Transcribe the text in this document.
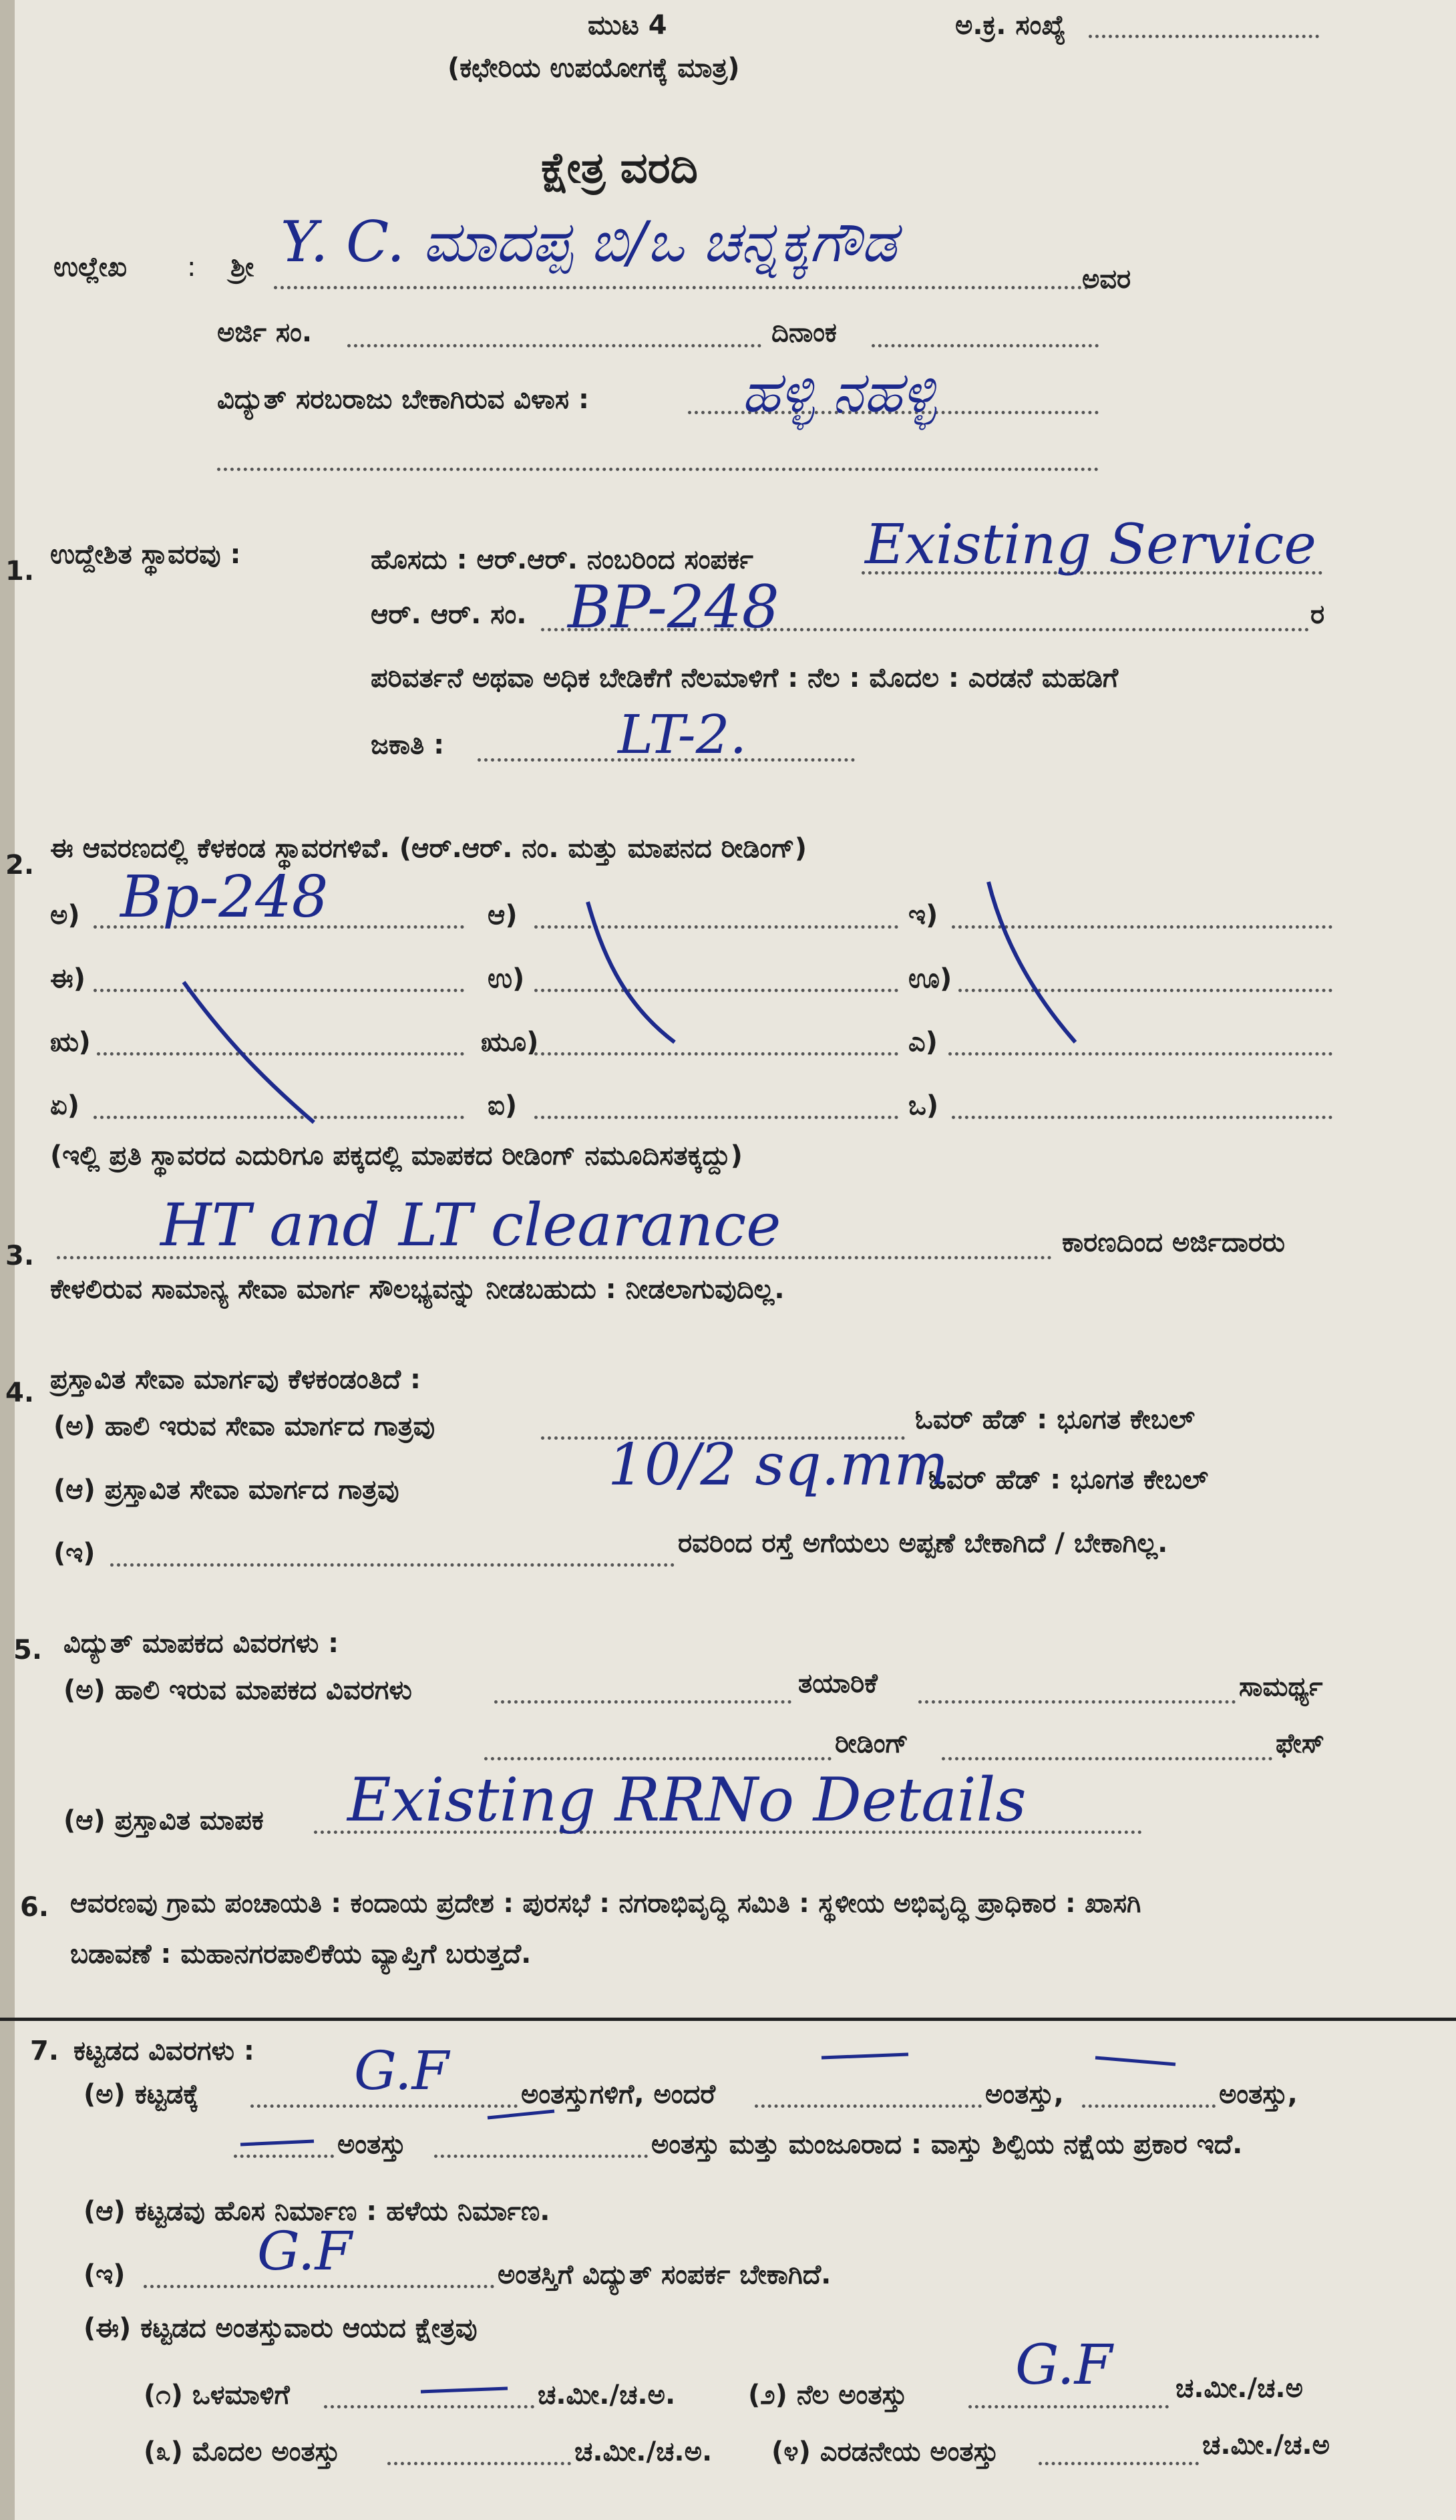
ಮುಟ 4	ಅ.ಕ್ರ. ಸಂಖ್ಯೆ
(ಕಛೇರಿಯ ಉಪಯೋಗಕ್ಕೆ ಮಾತ್ರ)
ಕ್ಷೇತ್ರ ವರದಿ
ಉಲ್ಲೇಖ : ಶ್ರೀ Y. C. ಮಾದಪ್ಪ ಬಿ/ಒ ಚನ್ನಕ್ಕಗೌಡ
ಅವರ
ಅರ್ಜಿ ಸಂ.	ದಿನಾಂಕ
ವಿದ್ಯುತ್ ಸರಬರಾಜು ಬೇಕಾಗಿರುವ ವಿಳಾಸ :	ಹಳ್ಳಿ ನಹಳ್ಳಿ
1.
ಉದ್ದೇಶಿತ ಸ್ಥಾವರವು :	ಹೊಸದು : ಆರ್.ಆರ್. ನಂಬರಿಂದ ಸಂಪರ್ಕ Existing Service
ಆರ್. ಆರ್. ಸಂ. BP-248	ರ
ಪರಿವರ್ತನೆ ಅಥವಾ ಅಧಿಕ ಬೇಡಿಕೆಗೆ ನೆಲಮಾಳಿಗೆ : ನೆಲ : ಮೊದಲ : ಎರಡನೆ ಮಹಡಿಗೆ
ಜಕಾತಿ :	LT-2.
2.
ಈ ಆವರಣದಲ್ಲಿ ಕೆಳಕಂಡ ಸ್ಥಾವರಗಳಿವೆ. (ಆರ್.ಆರ್. ನಂ. ಮತ್ತು ಮಾಪನದ ರೀಡಿಂಗ್)
ಅ) Bp-248	ಆ)	ಇ)
ಈ)	ಉ)	ಊ)
ಋ)	ಋೂ)	ಎ)
ಏ)	ಐ)	ಒ)
(ಇಲ್ಲಿ ಪ್ರತಿ ಸ್ಥಾವರದ ಎದುರಿಗೂ ಪಕ್ಕದಲ್ಲಿ ಮಾಪಕದ ರೀಡಿಂಗ್ ನಮೂದಿಸತಕ್ಕದ್ದು)
3. HT and LT clearance	ಕಾರಣದಿಂದ ಅರ್ಜಿದಾರರು
ಕೇಳಲಿರುವ ಸಾಮಾನ್ಯ ಸೇವಾ ಮಾರ್ಗ ಸೌಲಭ್ಯವನ್ನು ನೀಡಬಹುದು : ನೀಡಲಾಗುವುದಿಲ್ಲ.
4. ಪ್ರಸ್ತಾವಿತ ಸೇವಾ ಮಾರ್ಗವು ಕೆಳಕಂಡಂತಿದೆ :
(ಅ) ಹಾಲಿ ಇರುವ ಸೇವಾ ಮಾರ್ಗದ ಗಾತ್ರವು	ಓವರ್ ಹೆಡ್ : ಭೂಗತ ಕೇಬಲ್
(ಆ) ಪ್ರಸ್ತಾವಿತ ಸೇವಾ ಮಾರ್ಗದ ಗಾತ್ರವು	10/2 sq.mm
ಓವರ್ ಹೆಡ್ : ಭೂಗತ ಕೇಬಲ್
(ಇ)	ರವರಿಂದ ರಸ್ತೆ ಅಗೆಯಲು ಅಪ್ಪಣೆ ಬೇಕಾಗಿದೆ / ಬೇಕಾಗಿಲ್ಲ.
5. ವಿದ್ಯುತ್ ಮಾಪಕದ ವಿವರಗಳು :
(ಅ) ಹಾಲಿ ಇರುವ ಮಾಪಕದ ವಿವರಗಳು	ತಯಾರಿಕೆ	ಸಾಮರ್ಥ್ಯ
ರೀಡಿಂಗ್	ಫೇಸ್
(ಆ) ಪ್ರಸ್ತಾವಿತ ಮಾಪಕ Existing RRNo Details
6. ಆವರಣವು ಗ್ರಾಮ ಪಂಚಾಯತಿ : ಕಂದಾಯ ಪ್ರದೇಶ : ಪುರಸಭೆ : ನಗರಾಭಿವೃದ್ಧಿ ಸಮಿತಿ : ಸ್ಥಳೀಯ ಅಭಿವೃದ್ಧಿ ಪ್ರಾಧಿಕಾರ : ಖಾಸಗಿ
ಬಡಾವಣೆ : ಮಹಾನಗರಪಾಲಿಕೆಯ ವ್ಯಾಪ್ತಿಗೆ ಬರುತ್ತದೆ.
7. ಕಟ್ಟಡದ ವಿವರಗಳು :
(ಅ) ಕಟ್ಟಡಕ್ಕೆ	G.F	ಅಂತಸ್ತುಗಳಿಗೆ, ಅಂದರೆ	ಅಂತಸ್ತು,	ಅಂತಸ್ತು,
ಅಂತಸ್ತು	ಅಂತಸ್ತು ಮತ್ತು ಮಂಜೂರಾದ : ವಾಸ್ತು ಶಿಲ್ಪಿಯ ನಕ್ಷೆಯ ಪ್ರಕಾರ ಇದೆ.
(ಆ) ಕಟ್ಟಡವು ಹೊಸ ನಿರ್ಮಾಣ : ಹಳೆಯ ನಿರ್ಮಾಣ.
(ಇ) G.F	ಅಂತಸ್ತಿಗೆ ವಿದ್ಯುತ್ ಸಂಪರ್ಕ ಬೇಕಾಗಿದೆ.
(ಈ) ಕಟ್ಟಡದ ಅಂತಸ್ತುವಾರು ಆಯದ ಕ್ಷೇತ್ರವು
(೧) ಒಳಮಾಳಿಗೆ	ಚ.ಮೀ./ಚ.ಅ.	(೨) ನೆಲ ಅಂತಸ್ತು G.F ಚ.ಮೀ./ಚ.ಅ
(೩) ಮೊದಲ ಅಂತಸ್ತು	ಚ.ಮೀ./ಚ.ಅ. (೪) ಎರಡನೇಯ ಅಂತಸ್ತು	ಚ.ಮೀ./ಚ.ಅ
